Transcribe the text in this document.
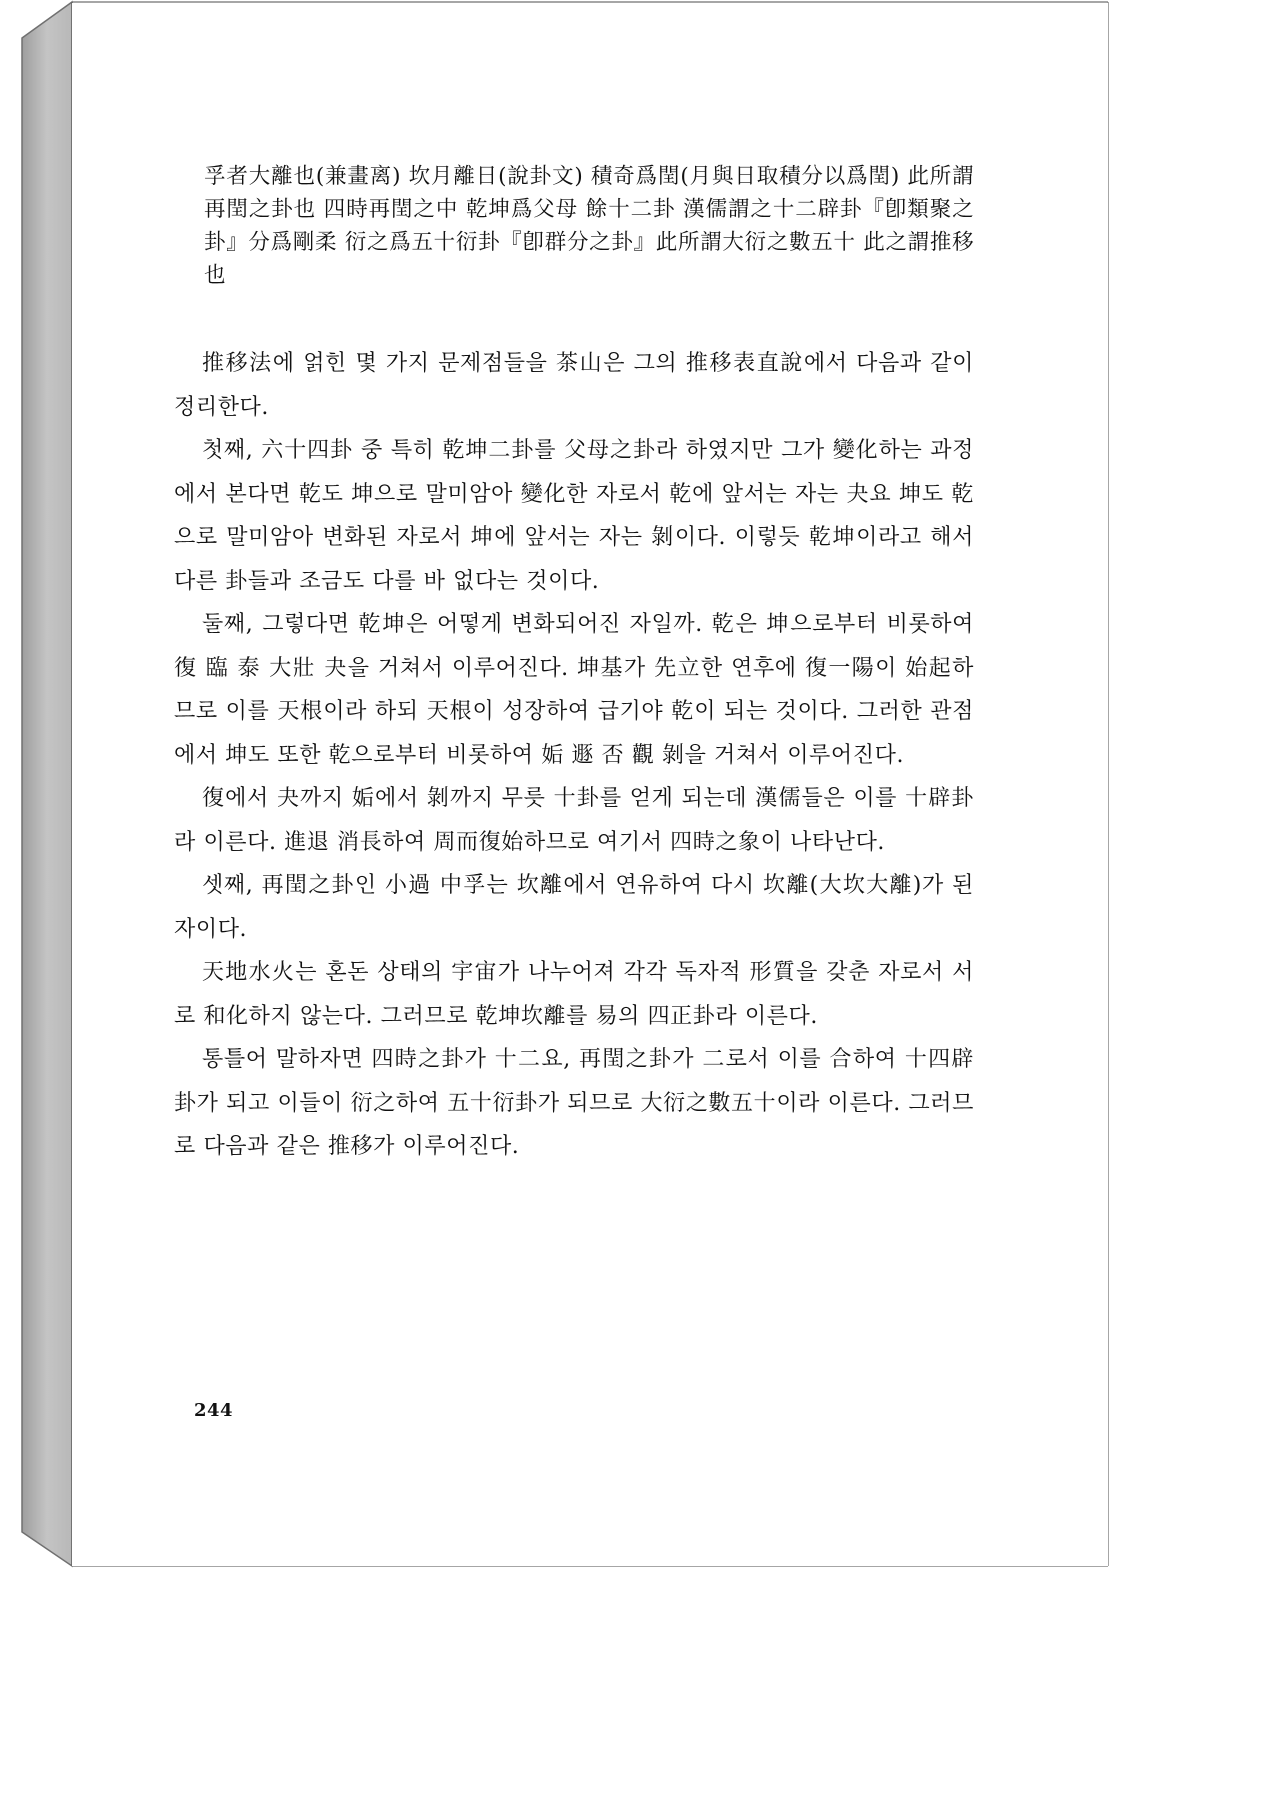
孚者大離也(兼畫离) 坎月離日(說卦文) 積奇爲閏(月與日取積分以爲閏) 此所謂再閏之卦也 四時再閏之中 乾坤爲父母 餘十二卦 漢儒謂之十二辟卦『卽類聚之卦』分爲剛柔 衍之爲五十衍卦『卽群分之卦』此所謂大衍之數五十 此之謂推移也

推移法에 얽힌 몇 가지 문제점들을 茶山은 그의 推移表直說에서 다음과 같이 정리한다.

첫째, 六十四卦 중 특히 乾坤二卦를 父母之卦라 하였지만 그가 變化하는 과정에서 본다면 乾도 坤으로 말미암아 變化한 자로서 乾에 앞서는 자는 夬요 坤도 乾으로 말미암아 변화된 자로서 坤에 앞서는 자는 剝이다. 이렇듯 乾坤이라고 해서 다른 卦들과 조금도 다를 바 없다는 것이다.

둘째, 그렇다면 乾坤은 어떻게 변화되어진 자일까. 乾은 坤으로부터 비롯하여 復 臨 泰 大壯 夬을 거쳐서 이루어진다. 坤基가 先立한 연후에 復一陽이 始起하므로 이를 天根이라 하되 天根이 성장하여 급기야 乾이 되는 것이다. 그러한 관점에서 坤도 또한 乾으로부터 비롯하여 姤 遯 否 觀 剝을 거쳐서 이루어진다.

復에서 夬까지 姤에서 剝까지 무릇 十卦를 얻게 되는데 漢儒들은 이를 十辟卦라 이른다. 進退 消長하여 周而復始하므로 여기서 四時之象이 나타난다.

셋째, 再閏之卦인 小過 中孚는 坎離에서 연유하여 다시 坎離(大坎大離)가 된 자이다.

天地水火는 혼돈 상태의 宇宙가 나누어져 각각 독자적 形質을 갖춘 자로서 서로 和化하지 않는다. 그러므로 乾坤坎離를 易의 四正卦라 이른다.

통틀어 말하자면 四時之卦가 十二요, 再閏之卦가 二로서 이를 合하여 十四辟卦가 되고 이들이 衍之하여 五十衍卦가 되므로 大衍之數五十이라 이른다. 그러므로 다음과 같은 推移가 이루어진다.

244
